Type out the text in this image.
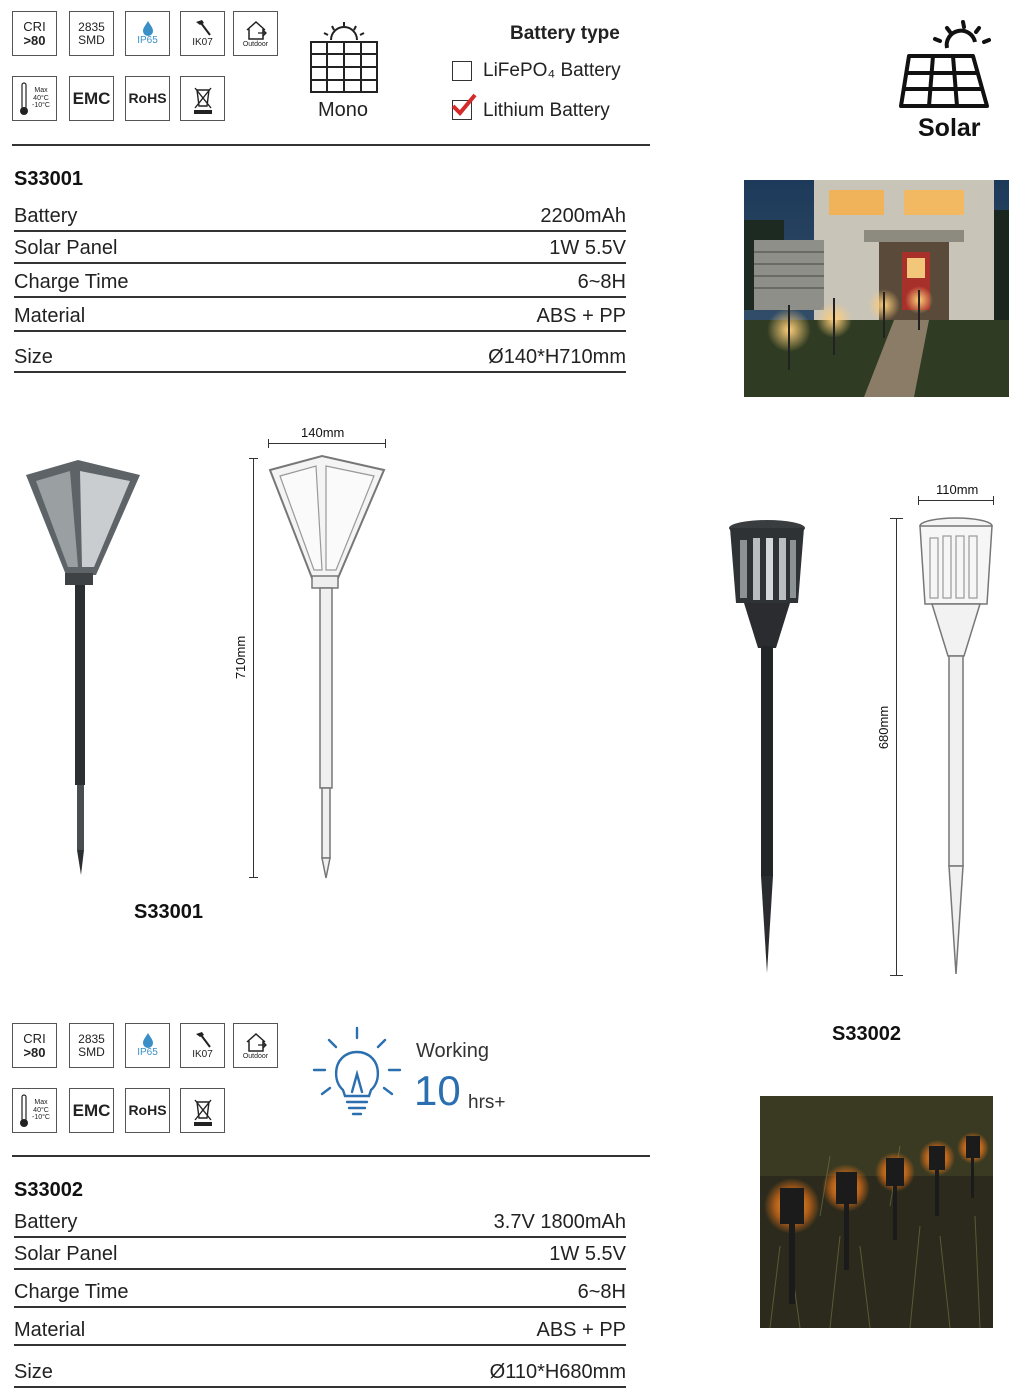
CRI
>80
2835
SMD	IP65	IK07	Outdoor
Max
40°C
-10°C EMC RoHS
Mono
Battery type
LiFePO₄ Battery
Lithium Battery
Solar
S33001
Battery	2200mAh
Solar Panel	1W 5.5V
Charge Time	6~8H
Material	ABS + PP
Size	Ø140*H710mm
140mm
710mm
S33001
110mm
680mm
S33002
CRI
>80
2835
SMD	IP65	IK07	Outdoor
Max
40°C
-10°C EMC RoHS
Working
10 hrs+
S33002
Battery	3.7V 1800mAh
Solar Panel	1W 5.5V
Charge Time	6~8H
Material	ABS + PP
Size	Ø110*H680mm
